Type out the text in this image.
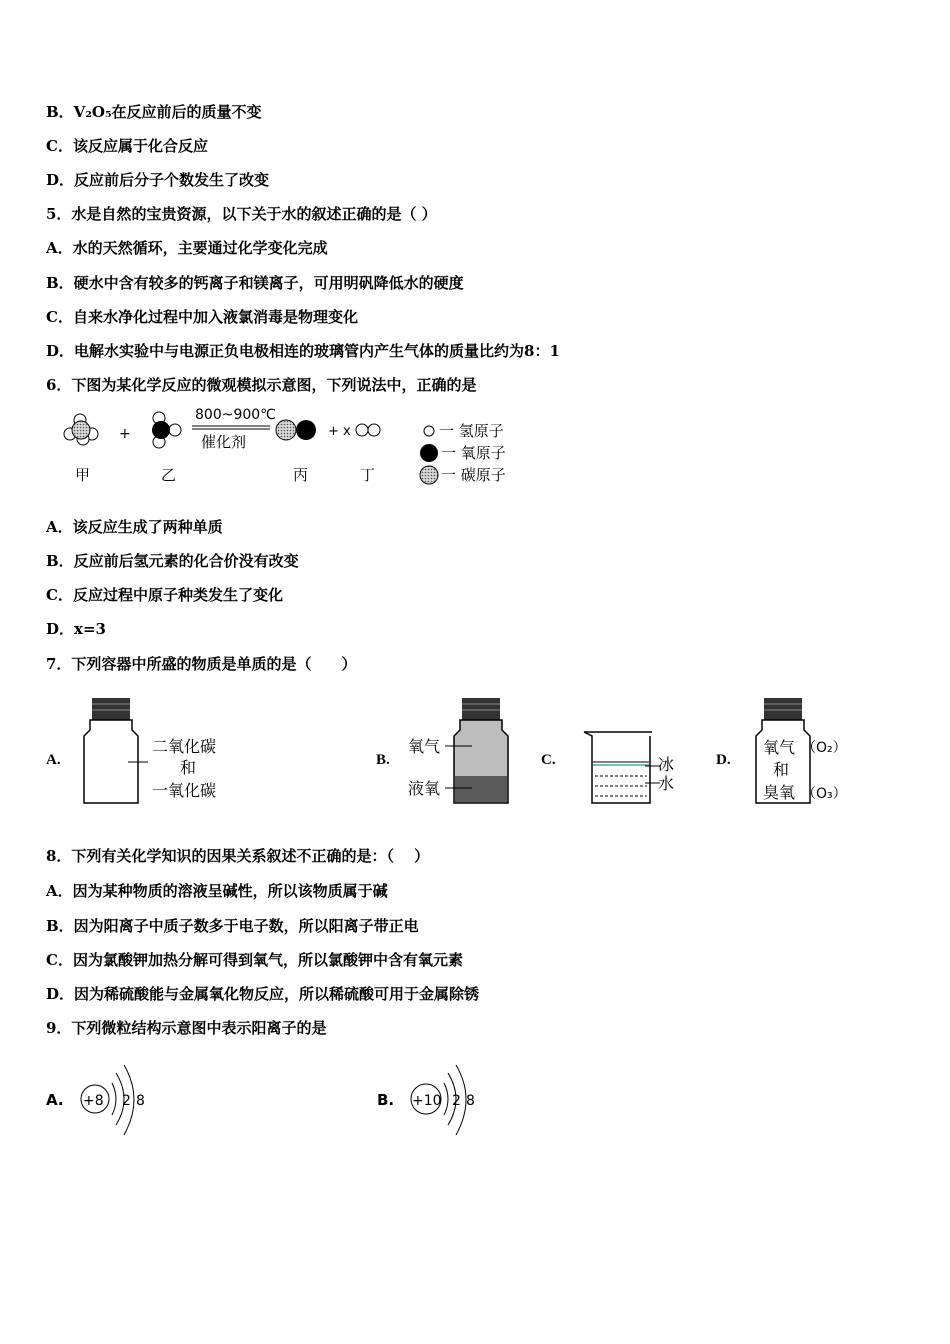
B．V₂O₅在反应前后的质量不变
C．该反应属于化合反应
D．反应前后分子个数发生了改变
5．水是自然的宝贵资源，以下关于水的叙述正确的是（ ）
A．水的天然循环，主要通过化学变化完成
B．硬水中含有较多的钙离子和镁离子，可用明矾降低水的硬度
C．自来水净化过程中加入液氯消毒是物理变化
D．电解水实验中与电源正负电极相连的玻璃管内产生气体的质量比约为8：1
6．下图为某化学反应的微观模拟示意图，下列说法中，正确的是
+
800~900℃
催化剂
+ x
甲	乙	丙	丁
一 氢原子
一 氧原子
一 碳原子
A．该反应生成了两种单质
B．反应前后氢元素的化合价没有改变
C．反应过程中原子种类发生了变化
D．x=3
7．下列容器中所盛的物质是单质的是（　　）
A.
二氧化碳
和
一氧化碳
B.
氧气
液氧
C.	冰
水
D.
氧气
和
臭氧
（O₂）
（O₃）
8．下列有关化学知识的因果关系叙述不正确的是：（　 ）
A．因为某种物质的溶液呈碱性，所以该物质属于碱
B．因为阳离子中质子数多于电子数，所以阳离子带正电
C．因为氯酸钾加热分解可得到氧气，所以氯酸钾中含有氧元素
D．因为稀硫酸能与金属氧化物反应，所以稀硫酸可用于金属除锈
9．下列微粒结构示意图中表示阳离子的是
A. +8 2 8	B. +10 2 8
